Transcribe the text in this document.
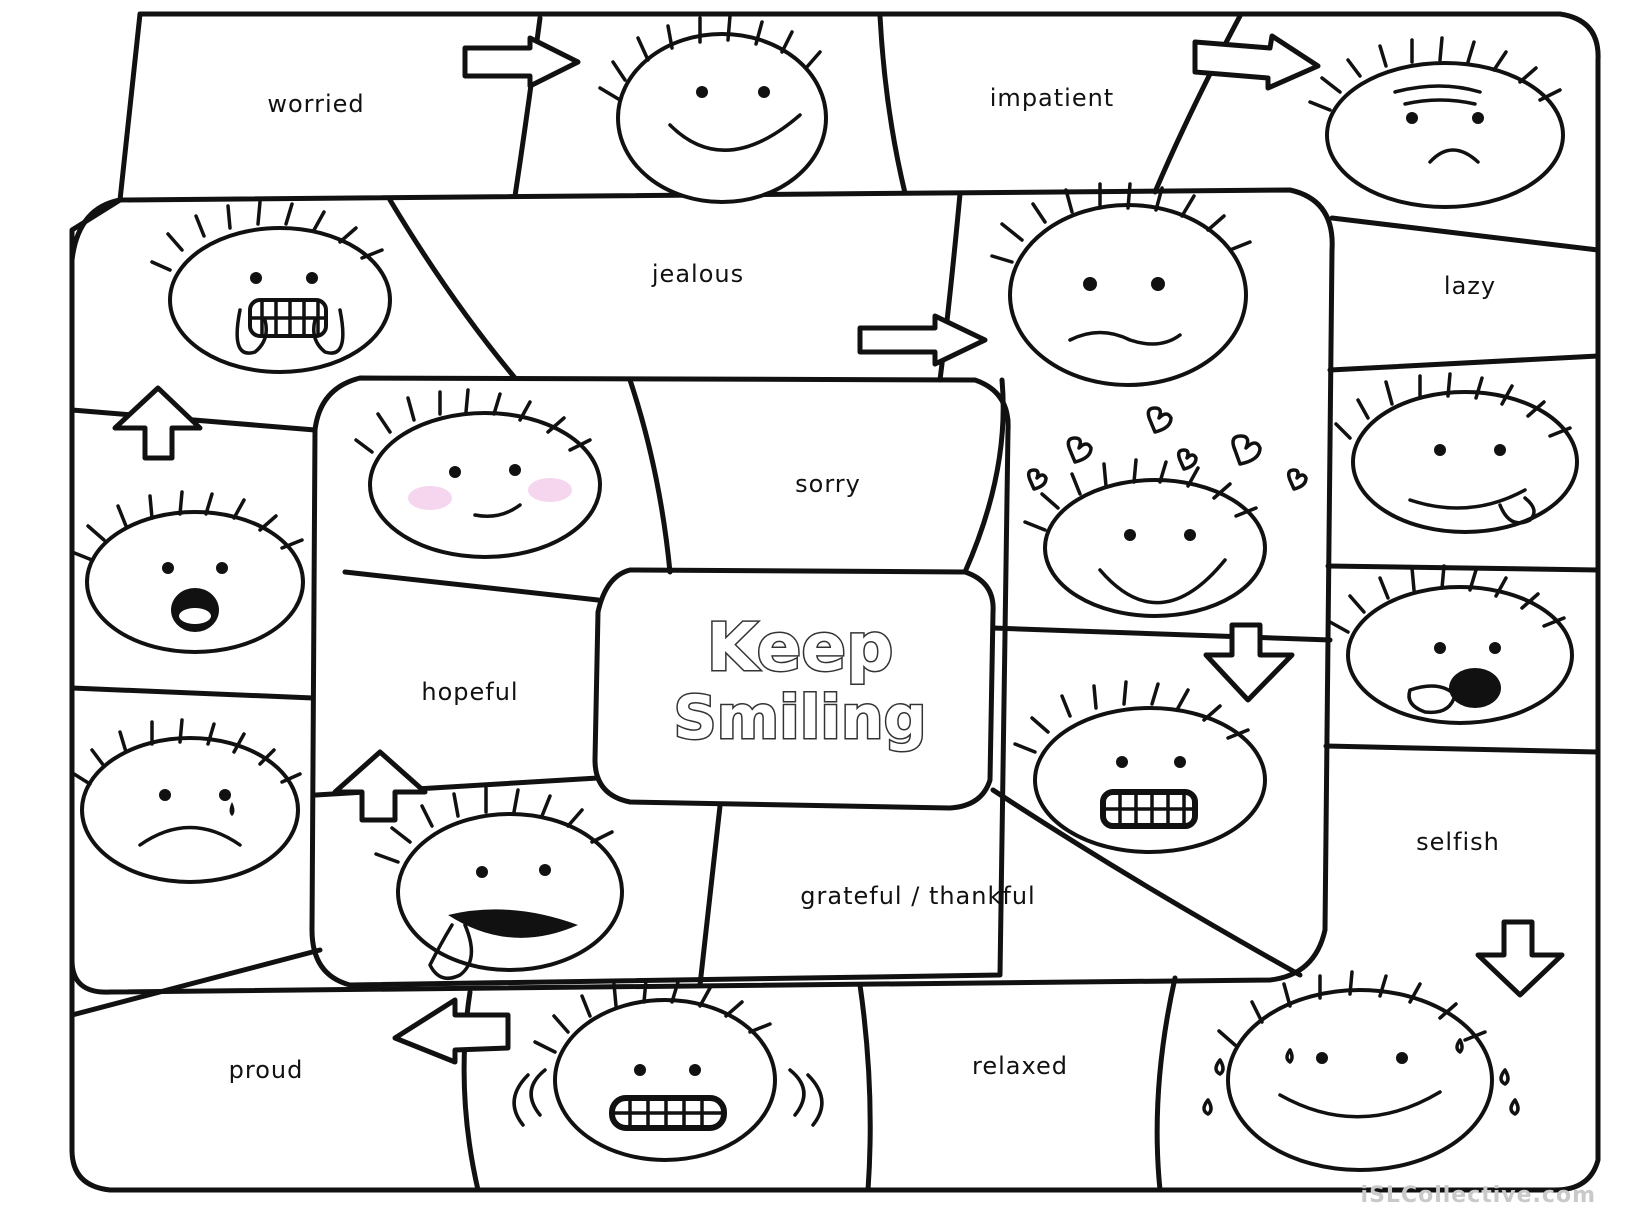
worried	impatient
jealous	lazy
sorry
hopeful
selfish
grateful / thankful
proud	relaxed
Keep
Smiling
iSLCollective.com
